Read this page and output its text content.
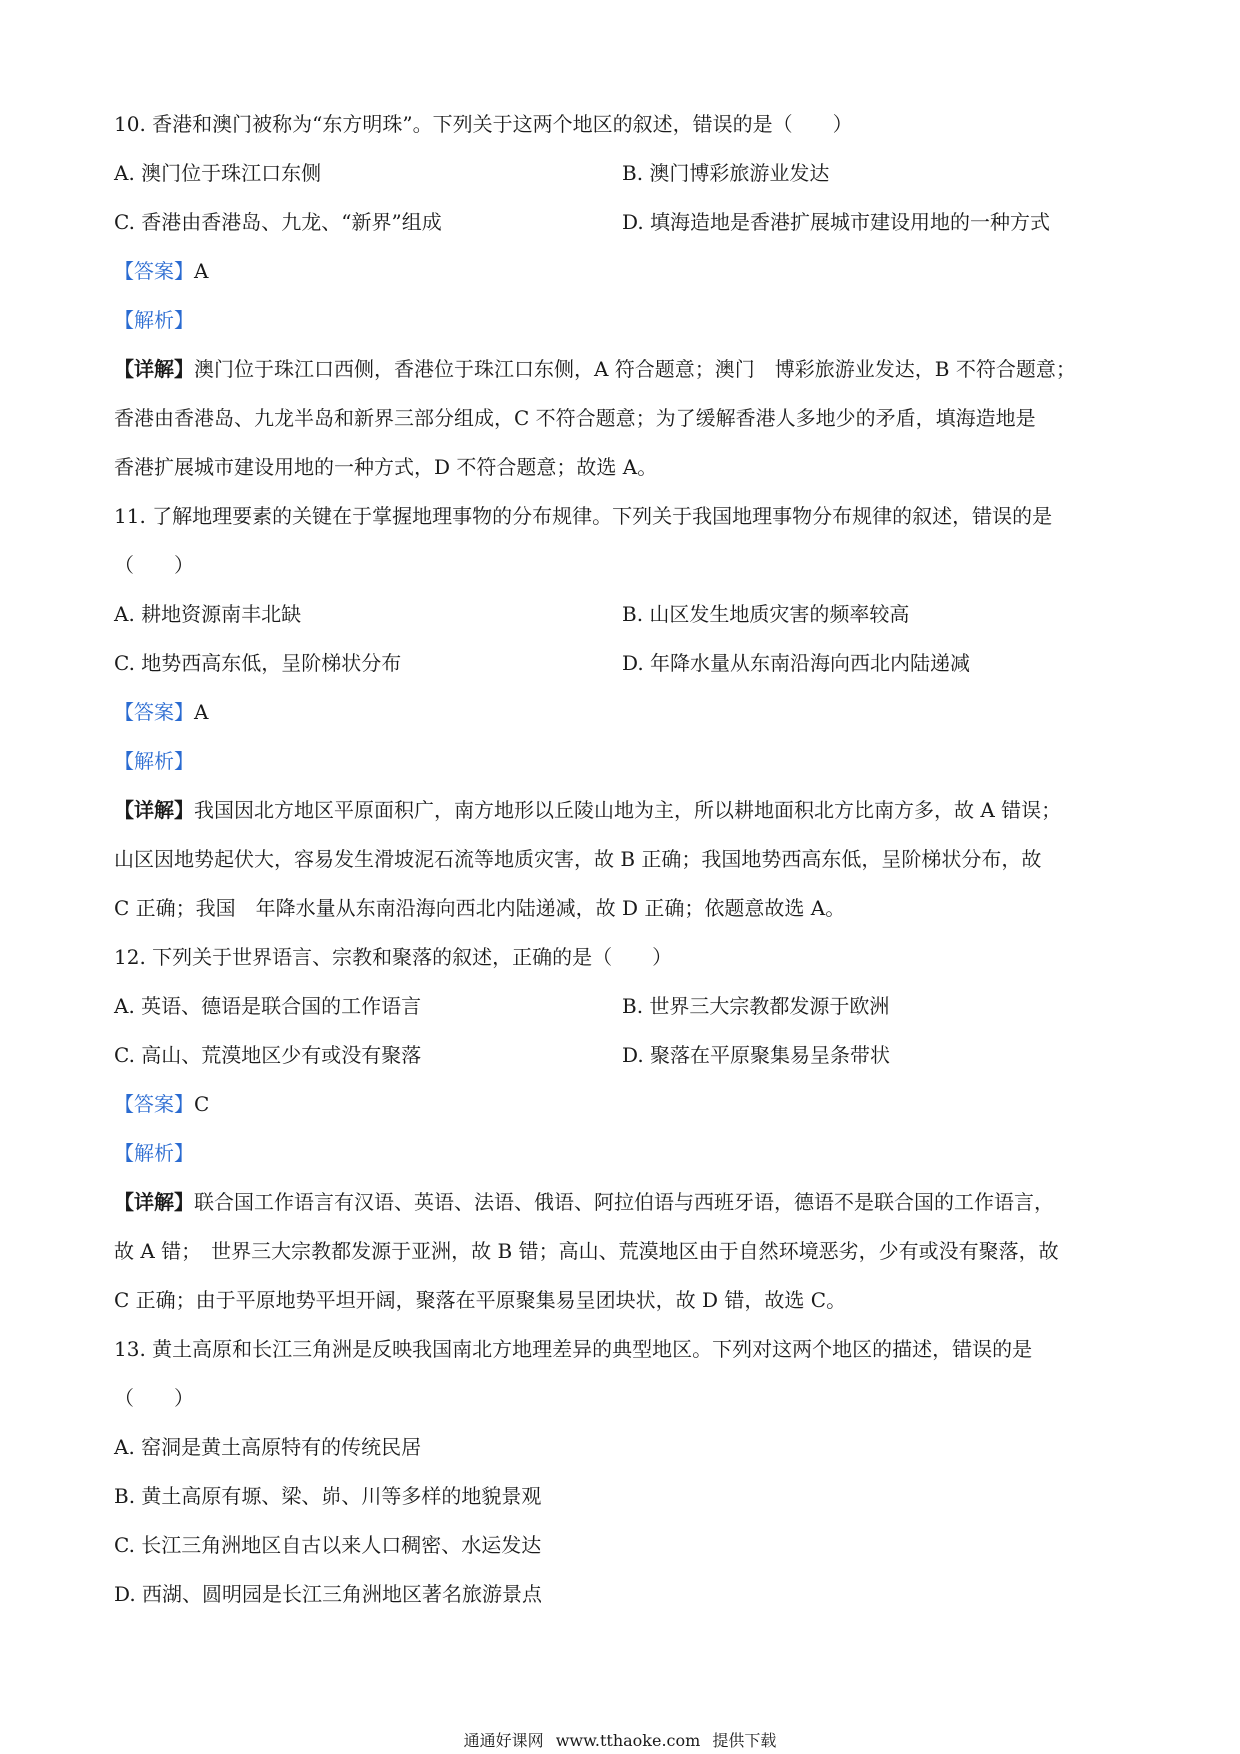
10. 香港和澳门被称为“东方明珠”。下列关于这两个地区的叙述，错误的是（　　）
A. 澳门位于珠江口东侧	B. 澳门博彩旅游业发达
C. 香港由香港岛、九龙、“新界”组成	D. 填海造地是香港扩展城市建设用地的一种方式
【答案】A
【解析】
【详解】澳门位于珠江口西侧，香港位于珠江口东侧，A 符合题意；澳门　博彩旅游业发达，B 不符合题意；
香港由香港岛、九龙半岛和新界三部分组成，C 不符合题意；为了缓解香港人多地少的矛盾，填海造地是
香港扩展城市建设用地的一种方式，D 不符合题意；故选 A。
11. 了解地理要素的关键在于掌握地理事物的分布规律。下列关于我国地理事物分布规律的叙述，错误的是
（　　）
A. 耕地资源南丰北缺	B. 山区发生地质灾害的频率较高
C. 地势西高东低，呈阶梯状分布	D. 年降水量从东南沿海向西北内陆递减
【答案】A
【解析】
【详解】我国因北方地区平原面积广，南方地形以丘陵山地为主，所以耕地面积北方比南方多，故 A 错误；
山区因地势起伏大，容易发生滑坡泥石流等地质灾害，故 B 正确；我国地势西高东低，呈阶梯状分布，故
C 正确；我国　年降水量从东南沿海向西北内陆递减，故 D 正确；依题意故选 A。
12. 下列关于世界语言、宗教和聚落的叙述，正确的是（　　）
A. 英语、德语是联合国的工作语言	B. 世界三大宗教都发源于欧洲
C. 高山、荒漠地区少有或没有聚落	D. 聚落在平原聚集易呈条带状
【答案】C
【解析】
【详解】联合国工作语言有汉语、英语、法语、俄语、阿拉伯语与西班牙语，德语不是联合国的工作语言，
故 A 错；　世界三大宗教都发源于亚洲，故 B 错；高山、荒漠地区由于自然环境恶劣，少有或没有聚落，故
C 正确；由于平原地势平坦开阔，聚落在平原聚集易呈团块状，故 D 错，故选 C。
13. 黄土高原和长江三角洲是反映我国南北方地理差异的典型地区。下列对这两个地区的描述，错误的是
（　　）
A. 窑洞是黄土高原特有的传统民居
B. 黄土高原有塬、梁、峁、川等多样的地貌景观
C. 长江三角洲地区自古以来人口稠密、水运发达
D. 西湖、圆明园是长江三角洲地区著名旅游景点
通通好课网 www.tthaoke.com 提供下载
